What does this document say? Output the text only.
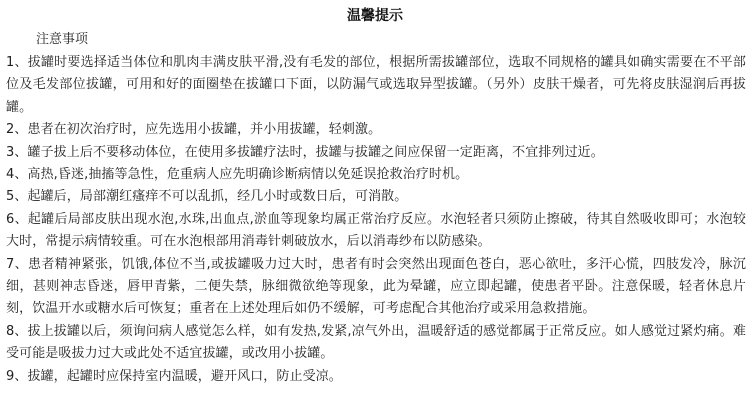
温馨提示
注意事项

1、拔罐时要选择适当体位和肌肉丰满皮肤平滑,没有毛发的部位，根据所需拔罐部位，选取不同规格的罐具如确实需要在不平部位及毛发部位拔罐，可用和好的面圈垫在拔罐口下面，以防漏气或选取异型拔罐。（另外）皮肤干燥者，可先将皮肤湿润后再拔罐。

2、患者在初次治疗时，应先选用小拔罐，并小用拔罐，轻刺激。

3、罐子拔上后不要移动体位，在使用多拔罐疗法时，拔罐与拔罐之间应保留一定距离，不宜排列过近。

4、高热,昏迷,抽搐等急性，危重病人应先明确诊断病情以免延误抢救治疗时机。

5、起罐后，局部潮红瘙痒不可以乱抓，经几小时或数日后，可消散。

6、起罐后局部皮肤出现水泡,水珠,出血点,淤血等现象均属正常治疗反应。水泡轻者只须防止擦破，待其自然吸收即可；水泡较大时，常提示病情较重。可在水泡根部用消毒针刺破放水，后以消毒纱布以防感染。

7、患者精神紧张，饥饿,体位不当,或拔罐吸力过大时，患者有时会突然出现面色苍白，恶心欲吐，多汗心慌，四肢发冷，脉沉细，甚则神志昏迷，唇甲青紫，二便失禁，脉细微欲绝等现象，此为晕罐，应立即起罐，使患者平卧。注意保暖，轻者休息片刻，饮温开水或糖水后可恢复；重者在上述处理后如仍不缓解，可考虑配合其他治疗或采用急救措施。

8、拔上拔罐以后，须询问病人感觉怎么样，如有发热,发紧,凉气外出，温暖舒适的感觉都属于正常反应。如人感觉过紧灼痛。难受可能是吸拔力过大或此处不适宜拔罐，或改用小拔罐。

9、拔罐，起罐时应保持室内温暖，避开风口，防止受凉。
